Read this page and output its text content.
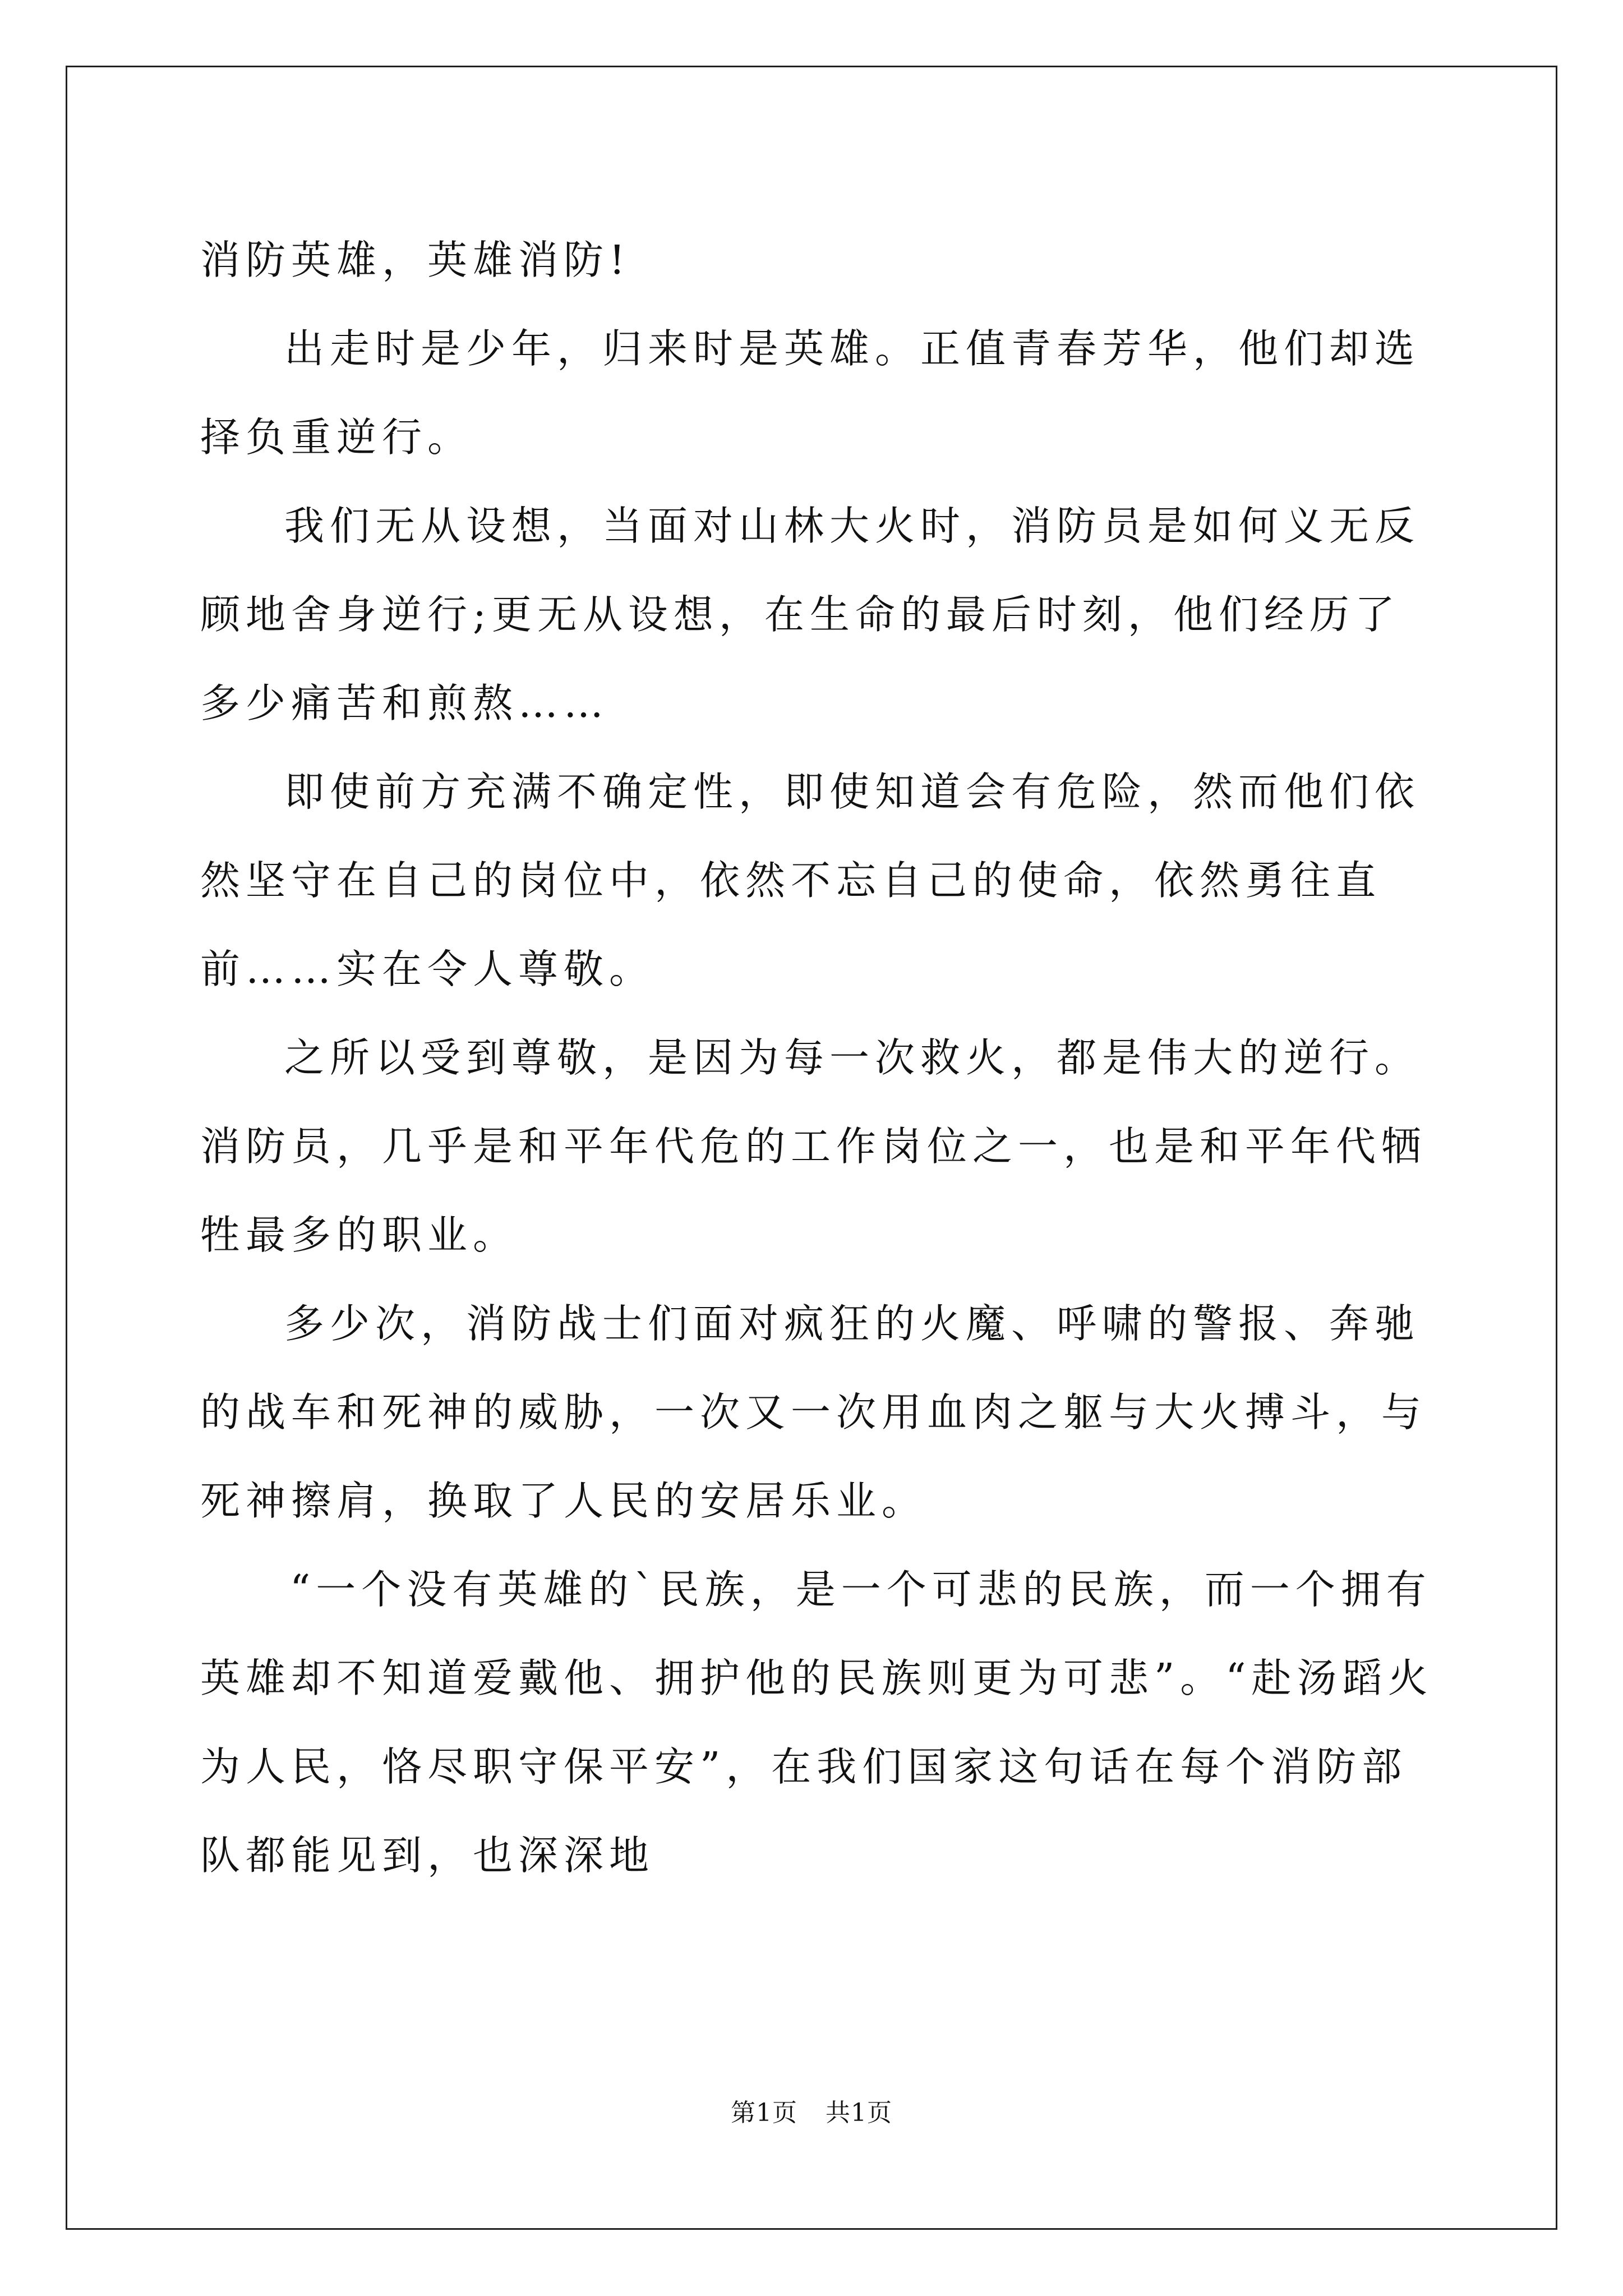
消防英雄，英雄消防!

出走时是少年，归来时是英雄。正值青春芳华，他们却选择负重逆行。

我们无从设想，当面对山林大火时，消防员是如何义无反顾地舍身逆行;更无从设想，在生命的最后时刻，他们经历了多少痛苦和煎熬……

即使前方充满不确定性，即使知道会有危险，然而他们依然坚守在自己的岗位中，依然不忘自己的使命，依然勇往直前……实在令人尊敬。

之所以受到尊敬，是因为每一次救火，都是伟大的逆行。消防员，几乎是和平年代危的工作岗位之一，也是和平年代牺牲最多的职业。

多少次，消防战士们面对疯狂的火魔、呼啸的警报、奔驰的战车和死神的威胁，一次又一次用血肉之躯与大火搏斗，与死神擦肩，换取了人民的安居乐业。

“一个没有英雄的`民族，是一个可悲的民族，而一个拥有英雄却不知道爱戴他、拥护他的民族则更为可悲”。“赴汤蹈火为人民，恪尽职守保平安”，在我们国家这句话在每个消防部队都能见到，也深深地

第1页 共1页
